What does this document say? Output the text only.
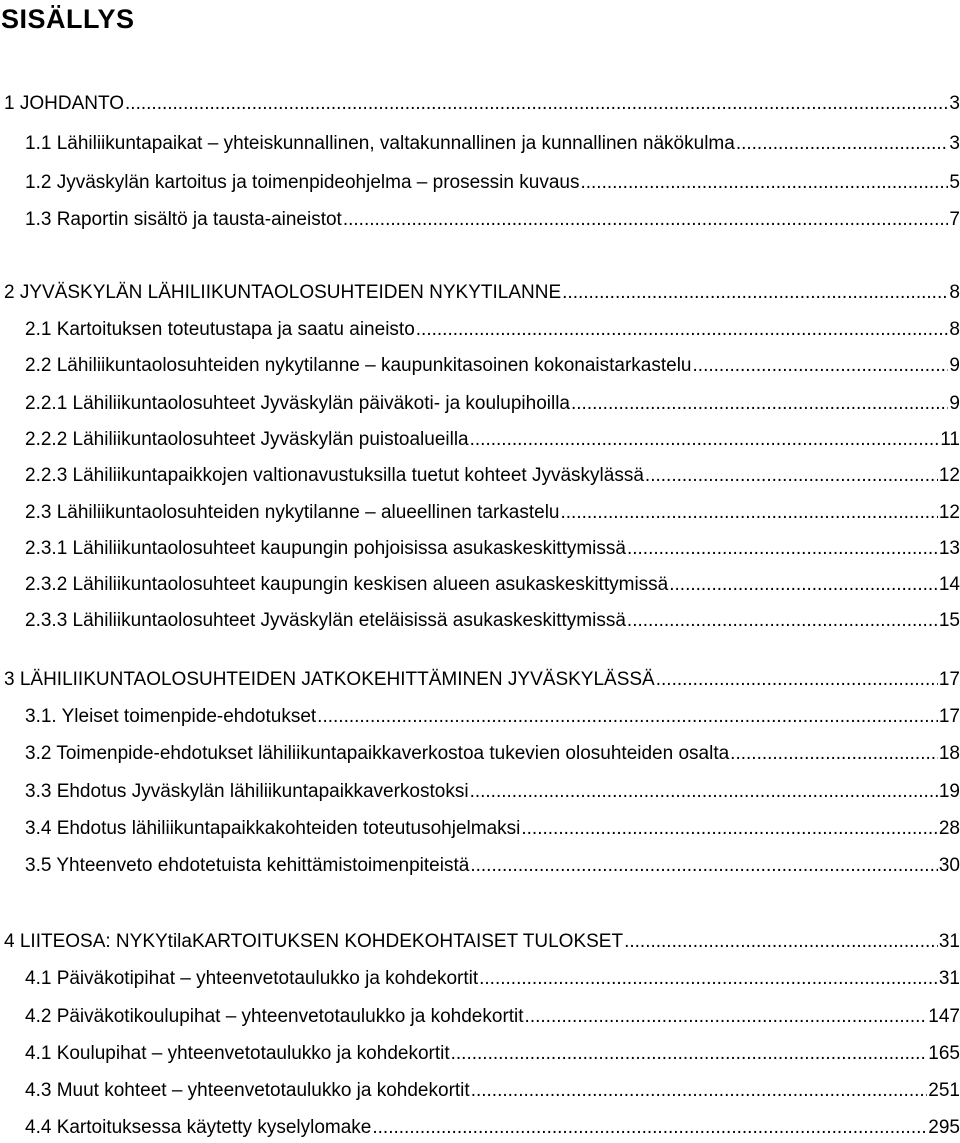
SISÄLLYS
1 JOHDANTO .....	3
1.1 Lähiliikuntapaikat – yhteiskunnallinen, valtakunnallinen ja kunnallinen näkökulma .....	3
1.2 Jyväskylän kartoitus ja toimenpideohjelma – prosessin kuvaus .....	5
1.3 Raportin sisältö ja tausta-aineistot .....	7
2 JYVÄSKYLÄN LÄHILIIKUNTAOLOSUHTEIDEN NYKYTILANNE .....	8
2.1 Kartoituksen toteutustapa ja saatu aineisto .....	8
2.2 Lähiliikuntaolosuhteiden nykytilanne – kaupunkitasoinen kokonaistarkastelu .....	9
2.2.1 Lähiliikuntaolosuhteet Jyväskylän päiväkoti- ja koulupihoilla .....	9
2.2.2 Lähiliikuntaolosuhteet Jyväskylän puistoalueilla .....	11
2.2.3 Lähiliikuntapaikkojen valtionavustuksilla tuetut kohteet Jyväskylässä .....	12
2.3 Lähiliikuntaolosuhteiden nykytilanne – alueellinen tarkastelu .....	12
2.3.1 Lähiliikuntaolosuhteet kaupungin pohjoisissa asukaskeskittymissä .....	13
2.3.2 Lähiliikuntaolosuhteet kaupungin keskisen alueen asukaskeskittymissä .....	14
2.3.3 Lähiliikuntaolosuhteet Jyväskylän eteläisissä asukaskeskittymissä .....	15
3 LÄHILIIKUNTAOLOSUHTEIDEN JATKOKEHITTÄMINEN JYVÄSKYLÄSSÄ .....	17
3.1. Yleiset toimenpide-ehdotukset .....	17
3.2 Toimenpide-ehdotukset lähiliikuntapaikkaverkostoa tukevien olosuhteiden osalta .....	18
3.3 Ehdotus Jyväskylän lähiliikuntapaikkaverkostoksi .....	19
3.4 Ehdotus lähiliikuntapaikkakohteiden toteutusohjelmaksi .....	28
3.5 Yhteenveto ehdotetuista kehittämistoimenpiteistä .....	30
4 LIITEOSA: NYKYtilaKARTOITUKSEN KOHDEKOHTAISET TULOKSET .....	31
4.1 Päiväkotipihat – yhteenvetotaulukko ja kohdekortit .....	31
4.2 Päiväkotikoulupihat – yhteenvetotaulukko ja kohdekortit .....	147
4.1 Koulupihat – yhteenvetotaulukko ja kohdekortit .....	165
4.3 Muut kohteet – yhteenvetotaulukko ja kohdekortit .....	251
4.4 Kartoituksessa käytetty kyselylomake .....	295
